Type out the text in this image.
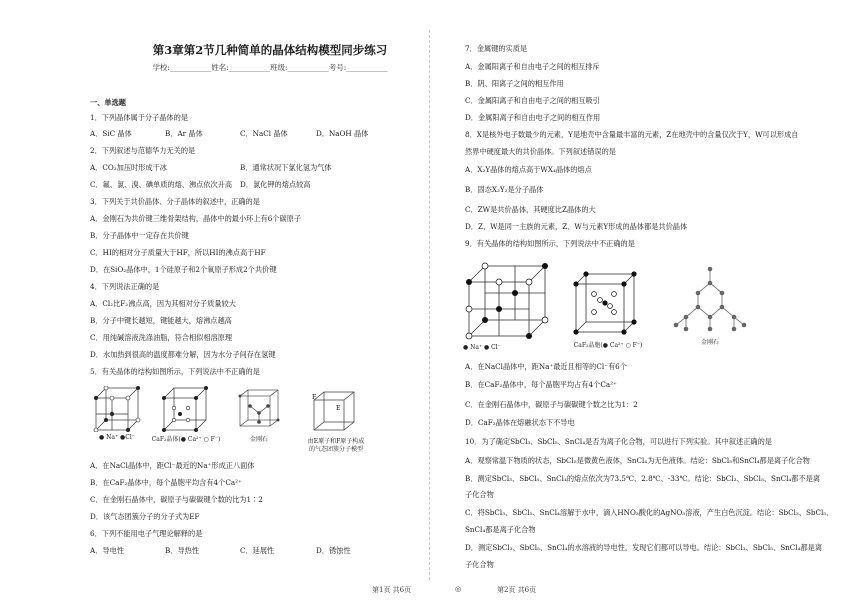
第3章第2节几种简单的晶体结构模型同步练习
学校:___________姓名:___________班级:___________考号:___________
一、单选题
1．下列晶体属于分子晶体的是
A．SiC 晶体	B．Ar 晶体	C．NaCl 晶体	D．NaOH 晶体
2．下列叙述与范德华力无关的是
A．CO₂加压时形成干冰	B．通常状况下氯化氢为气体
C．氟、氯、溴、碘单质的熔、沸点依次升高 D．氯化钾的熔点较高
3．下列关于共价晶体、分子晶体的叙述中，正确的是
A．金刚石为共价键三维骨架结构，晶体中的最小环上有6个碳原子
B．分子晶体中一定存在共价键
C．HI的相对分子质量大于HF，所以HI的沸点高于HF
D．在SiO₂晶体中，1个硅原子和2个氧原子形成2个共价键
4．下列说法正确的是
A．Cl₂比F₂沸点高，因为其相对分子质量较大
B．分子中键长越短，键能越大，熔沸点越高
C．用纯碱溶液洗涤油脂，符合相似相溶原理
D．水加热到很高的温度都难分解，因为水分子间存在氢键
5．有关晶体的结构如图所示，下列说法中不正确的是
● Na⁺ ●Cl⁻	CaF₂晶体(● Ca²⁺ ○ F⁻)	金刚石
F
E
由E原子和F原子构成
的气态团簇分子模型
A．在NaCl晶体中，距Cl⁻最近的Na⁺形成正八面体
B．在CaF₂晶体中，每个晶胞平均含有4个Ca²⁺
C．在金刚石晶体中，碳原子与碳碳键个数的比为1∶2
D．该气态团簇分子的分子式为EF
6．下列不能用电子气理论解释的是
A．导电性	B．导热性	C．延展性	D．锈蚀性
7．金属键的实质是
A．金属阳离子和自由电子之间的相互排斥
B．阴、阳离子之间的相互作用
C．金属阳离子和自由电子之间的相互吸引
D．金属阳离子和自由电子之间的相互作用
8．X是核外电子数最少的元素，Y是地壳中含量最丰富的元素，Z在地壳中的含量仅次于Y，W可以形成自
然界中硬度最大的共价晶体。下列叙述错误的是
A．X₂Y晶体的熔点高于WX₄晶体的熔点
B．固态X₂Y₂是分子晶体
C．ZW是共价晶体，其硬度比Z晶体的大
D．Z、W是同一主族的元素，Z、W与元素Y形成的晶体都是共价晶体
9．有关晶体的结构如图所示，下列说法中不正确的是
● Na⁺ ● Cl⁻	CaF₂晶胞(● Ca²⁺ ○ F⁻)	金刚石
A．在NaCl晶体中，距Na⁺最近且相等的Cl⁻有6个
B．在CaF₂晶体中，每个晶胞平均占有4个Ca²⁺
C．在金刚石晶体中，碳原子与碳碳键个数之比为1：2
D．CaF₂晶体在熔融状态下不导电
10．为了确定SbCl₃、SbCl₅、SnCl₄是否为离子化合物，可以进行下列实验。其中叙述正确的是
A．观察常温下物质的状态，SbCl₅是微黄色液体，SnCl₄为无色液体。结论：SbCl₅和SnCl₄都是离子化合物
B．测定SbCl₃、SbCl₅、SnCl₄的熔点依次为73.5℃、2.8℃、-33℃。结论：SbCl₃、SbCl₅、SnCl₄都不是离
子化合物
C．将SbCl₃、SbCl₅、SnCl₄溶解于水中，滴入HNO₃酸化的AgNO₃溶液，产生白色沉淀。结论：SbCl₃、SbCl₅、
SnCl₄都是离子化合物
D．测定SbCl₃、SbCl₅、SnCl₄的水溶液的导电性，发现它们都可以导电。结论：SbCl₃、SbCl₅、SnCl₄都是离
子化合物
第1页 共6页	◎	第2页 共6页
